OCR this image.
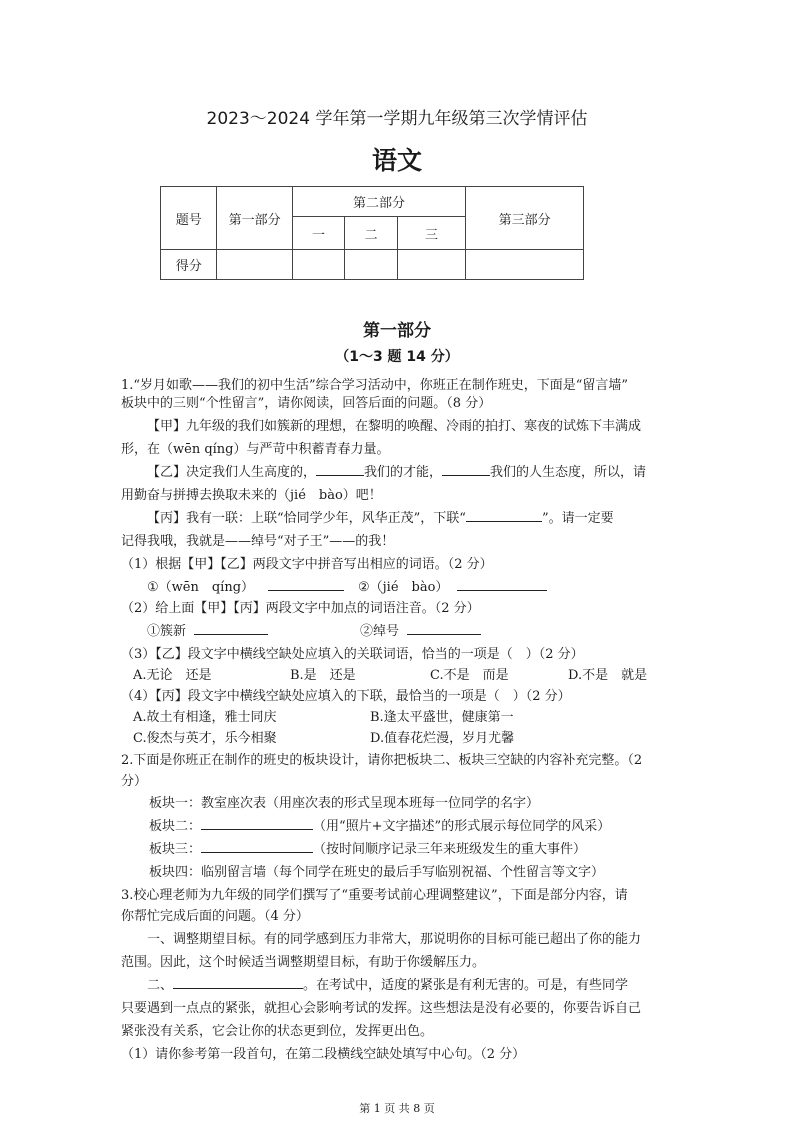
2023～2024 学年第一学期九年级第三次学情评估
语文
题号	第一部分	第二部分			第三部分
		一	二	三	
得分					
第一部分
（1～3 题 14 分）
1.“岁月如歌——我们的初中生活”综合学习活动中，你班正在制作班史，下面是“留言墙”
板块中的三则“个性留言”，请你阅读，回答后面的问题。（8 分）
【甲】九年级的我们如簇新的理想，在黎明的唤醒、冷雨的拍打、寒夜的试炼下丰满成
形，在（wēn qíng）与严苛中积蓄青春力量。
【乙】决定我们人生高度的，	我们的才能，	我们的人生态度，所以，请
用勤奋与拼搏去换取未来的（jié　bào）吧！
【丙】我有一联：上联“恰同学少年，风华正茂”，下联“	”。请一定要
记得我哦，我就是——绰号“对子王”——的我！
（1）根据【甲】【乙】两段文字中拼音写出相应的词语。（2 分）
①（wēn　qíng）	②（jié　bào）
（2）给上面【甲】【丙】两段文字中加点的词语注音。（2 分）
①簇新	②绰号
（3）【乙】段文字中横线空缺处应填入的关联词语，恰当的一项是（　）（2 分）
A.无论　还是	B.是　还是	C.不是　而是	D.不是　就是
（4）【丙】段文字中横线空缺处应填入的下联，最恰当的一项是（　）（2 分）
A.故土有相逢，雅士同庆	B.逢太平盛世，健康第一
C.俊杰与英才，乐今相聚	D.值春花烂漫，岁月尤馨
2.下面是你班正在制作的班史的板块设计，请你把板块二、板块三空缺的内容补充完整。（2
分）
板块一：教室座次表（用座次表的形式呈现本班每一位同学的名字）
板块二：	（用“照片+文字描述”的形式展示每位同学的风采）
板块三：	（按时间顺序记录三年来班级发生的重大事件）
板块四：临别留言墙（每个同学在班史的最后手写临别祝福、个性留言等文字）
3.校心理老师为九年级的同学们撰写了“重要考试前心理调整建议”，下面是部分内容，请
你帮忙完成后面的问题。（4 分）
一、调整期望目标。有的同学感到压力非常大，那说明你的目标可能已超出了你的能力
范围。因此，这个时候适当调整期望目标，有助于你缓解压力。
二、	。在考试中，适度的紧张是有利无害的。可是，有些同学
只要遇到一点点的紧张，就担心会影响考试的发挥。这些想法是没有必要的，你要告诉自己
紧张没有关系，它会让你的状态更到位，发挥更出色。
（1）请你参考第一段首句，在第二段横线空缺处填写中心句。（2 分）
第 1 页 共 8 页
